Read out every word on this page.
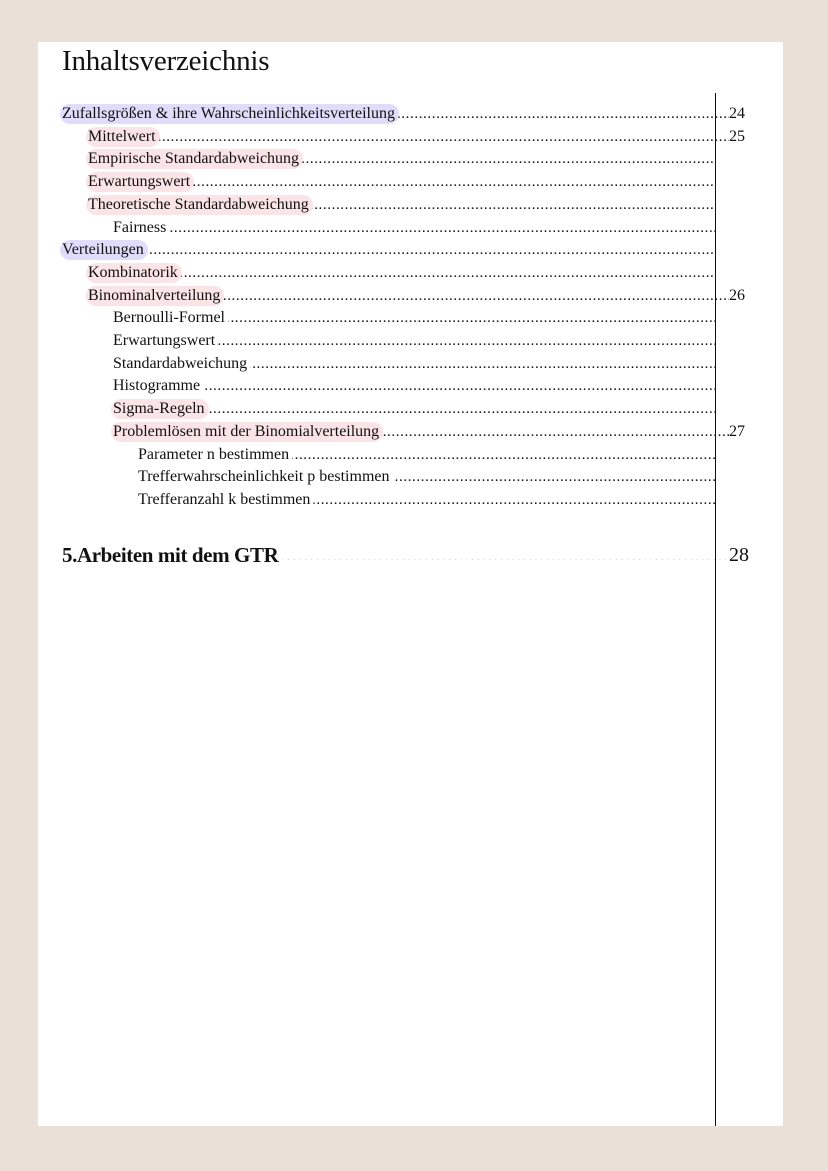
Inhaltsverzeichnis
Zufallsgrößen & ihre Wahrscheinlichkeitsverteilung .....	24
Mittelwert .....	25
Empirische Standardabweichung
.....
Erwartungswert
.....
Theoretische Standardabweichung
.....
Fairness
.....
Verteilungen
.....
Kombinatorik
.....
Binominalverteilung .....	26
Bernoulli-Formel
.....
Erwartungswert
.....
Standardabweichung
.....
Histogramme
.....
Sigma-Regeln
.....
Problemlösen mit der Binomialverteilung .....	27
Parameter n bestimmen
.....
Trefferwahrscheinlichkeit p bestimmen
.....
Trefferanzahl k bestimmen
.....
5.Arbeiten mit dem GTR .....	28
